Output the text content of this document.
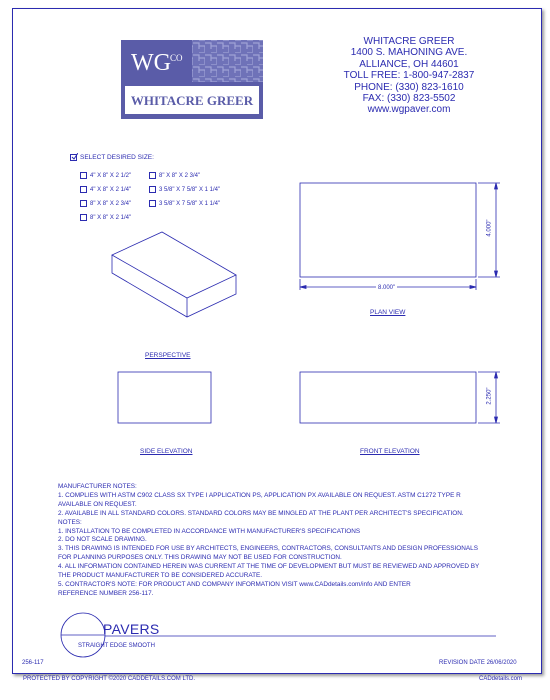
WG CO
WHITACRE GREER
WHITACRE GREER
1400 S. MAHONING AVE.
ALLIANCE, OH 44601
TOLL FREE: 1-800-947-2837
PHONE: (330) 823-1610
FAX: (330) 823-5502
www.wgpaver.com
SELECT DESIRED SIZE:
4" X 8" X 2 1/2"
4" X 8" X 2 1/4"
8" X 8" X 2 3/4"
8" X 8" X 2 1/4"
8" X 8" X 2 3/4"
3 5/8" X 7 5/8" X 1 1/4"
3 5/8" X 7 5/8" X 1 1/4"
8.000"
4.000"
2.250"
PERSPECTIVE
PLAN VIEW
SIDE ELEVATION	FRONT ELEVATION
MANUFACTURER NOTES:
1. COMPLIES WITH ASTM C902 CLASS SX TYPE I APPLICATION PS, APPLICATION PX AVAILABLE ON REQUEST. ASTM C1272 TYPE R
AVAILABLE ON REQUEST.
2. AVAILABLE IN ALL STANDARD COLORS. STANDARD COLORS MAY BE MINGLED AT THE PLANT PER ARCHITECT'S SPECIFICATION.
NOTES:
1. INSTALLATION TO BE COMPLETED IN ACCORDANCE WITH MANUFACTURER'S SPECIFICATIONS
2. DO NOT SCALE DRAWING.
3. THIS DRAWING IS INTENDED FOR USE BY ARCHITECTS, ENGINEERS, CONTRACTORS, CONSULTANTS AND DESIGN PROFESSIONALS
FOR PLANNING PURPOSES ONLY. THIS DRAWING MAY NOT BE USED FOR CONSTRUCTION.
4. ALL INFORMATION CONTAINED HEREIN WAS CURRENT AT THE TIME OF DEVELOPMENT BUT MUST BE REVIEWED AND APPROVED BY
THE PRODUCT MANUFACTURER TO BE CONSIDERED ACCURATE.
5. CONTRACTOR'S NOTE: FOR PRODUCT AND COMPANY INFORMATION VISIT www.CADdetails.com/info AND ENTER
REFERENCE NUMBER 256-117.
PAVERS
STRAIGHT EDGE SMOOTH
256-117	REVISION DATE 26/06/2020
PROTECTED BY COPYRIGHT ©2020 CADDETAILS.COM LTD.	CADdetails.com
